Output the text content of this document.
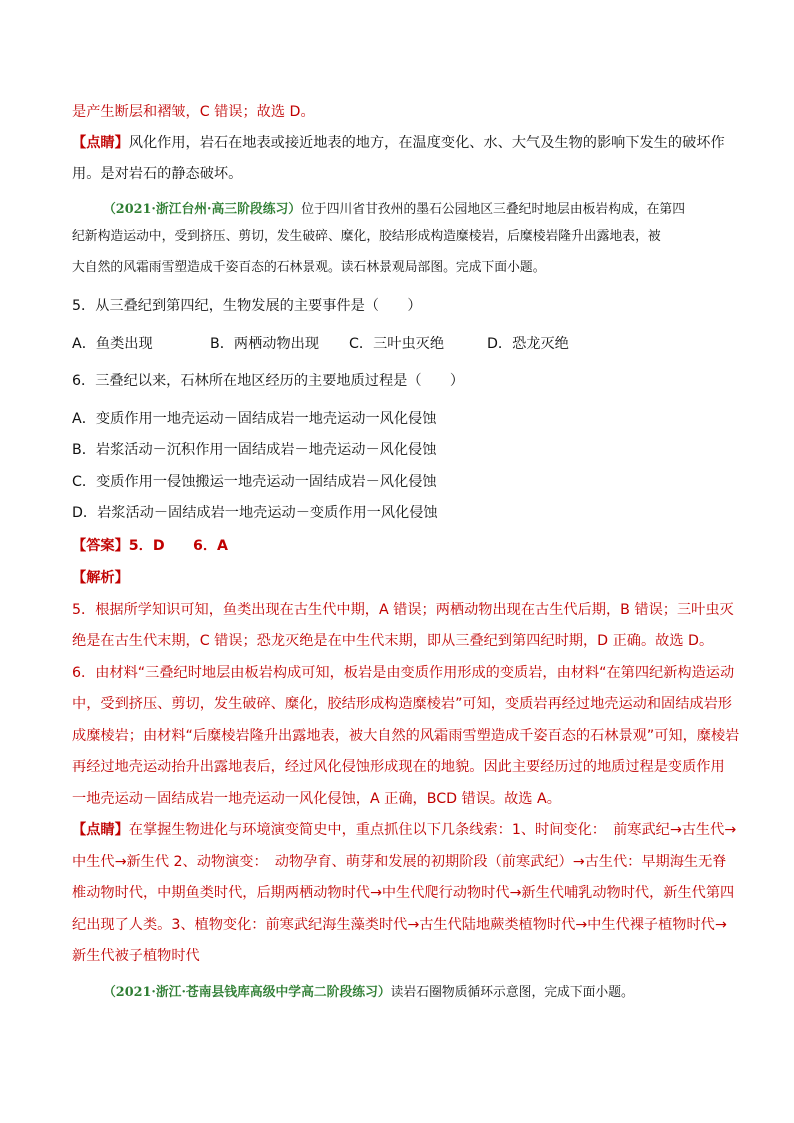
是产生断层和褶皱，C 错误；故选 D。
【点睛】风化作用，岩石在地表或接近地表的地方，在温度变化、水、大气及生物的影响下发生的破坏作
用。是对岩石的静态破坏。
（2021·浙江台州·高三阶段练习）位于四川省甘孜州的墨石公园地区三叠纪时地层由板岩构成，在第四
纪新构造运动中，受到挤压、剪切，发生破碎、糜化，胶结形成构造糜棱岩，后糜棱岩隆升出露地表，被
大自然的风霜雨雪塑造成千姿百态的石林景观。读石林景观局部图。完成下面小题。
5．从三叠纪到第四纪，生物发展的主要事件是（　　）
A．鱼类出现	B．两栖动物出现 C．三叶虫灭绝	D．恐龙灭绝
6．三叠纪以来，石林所在地区经历的主要地质过程是（　　）
A．变质作用一地壳运动－固结成岩一地壳运动一风化侵蚀
B．岩浆活动－沉积作用一固结成岩－地壳运动－风化侵蚀
C．变质作用一侵蚀搬运一地壳运动一固结成岩－风化侵蚀
D．岩浆活动－固结成岩一地壳运动－变质作用一风化侵蚀
【答案】5．D　　6．A
【解析】
5．根据所学知识可知，鱼类出现在古生代中期，A 错误；两栖动物出现在古生代后期，B 错误；三叶虫灭
绝是在古生代末期，C 错误；恐龙灭绝是在中生代末期，即从三叠纪到第四纪时期，D 正确。故选 D。
6．由材料“三叠纪时地层由板岩构成可知，板岩是由变质作用形成的变质岩，由材料“在第四纪新构造运动
中，受到挤压、剪切，发生破碎、糜化，胶结形成构造糜棱岩”可知，变质岩再经过地壳运动和固结成岩形
成糜棱岩；由材料“后糜棱岩隆升出露地表，被大自然的风霜雨雪塑造成千姿百态的石林景观”可知，糜棱岩
再经过地壳运动抬升出露地表后，经过风化侵蚀形成现在的地貌。因此主要经历过的地质过程是变质作用
一地壳运动－固结成岩一地壳运动一风化侵蚀，A 正确，BCD 错误。故选 A。
【点睛】在掌握生物进化与环境演变简史中，重点抓住以下几条线索：1、时间变化：　前寒武纪→古生代→
中生代→新生代 2、动物演变：　动物孕育、萌芽和发展的初期阶段（前寒武纪）→古生代：早期海生无脊
椎动物时代，中期鱼类时代，后期两栖动物时代→中生代爬行动物时代→新生代哺乳动物时代，新生代第四
纪出现了人类。3、植物变化：前寒武纪海生藻类时代→古生代陆地蕨类植物时代→中生代裸子植物时代→
新生代被子植物时代
（2021·浙江·苍南县钱库高级中学高二阶段练习）读岩石圈物质循环示意图，完成下面小题。
